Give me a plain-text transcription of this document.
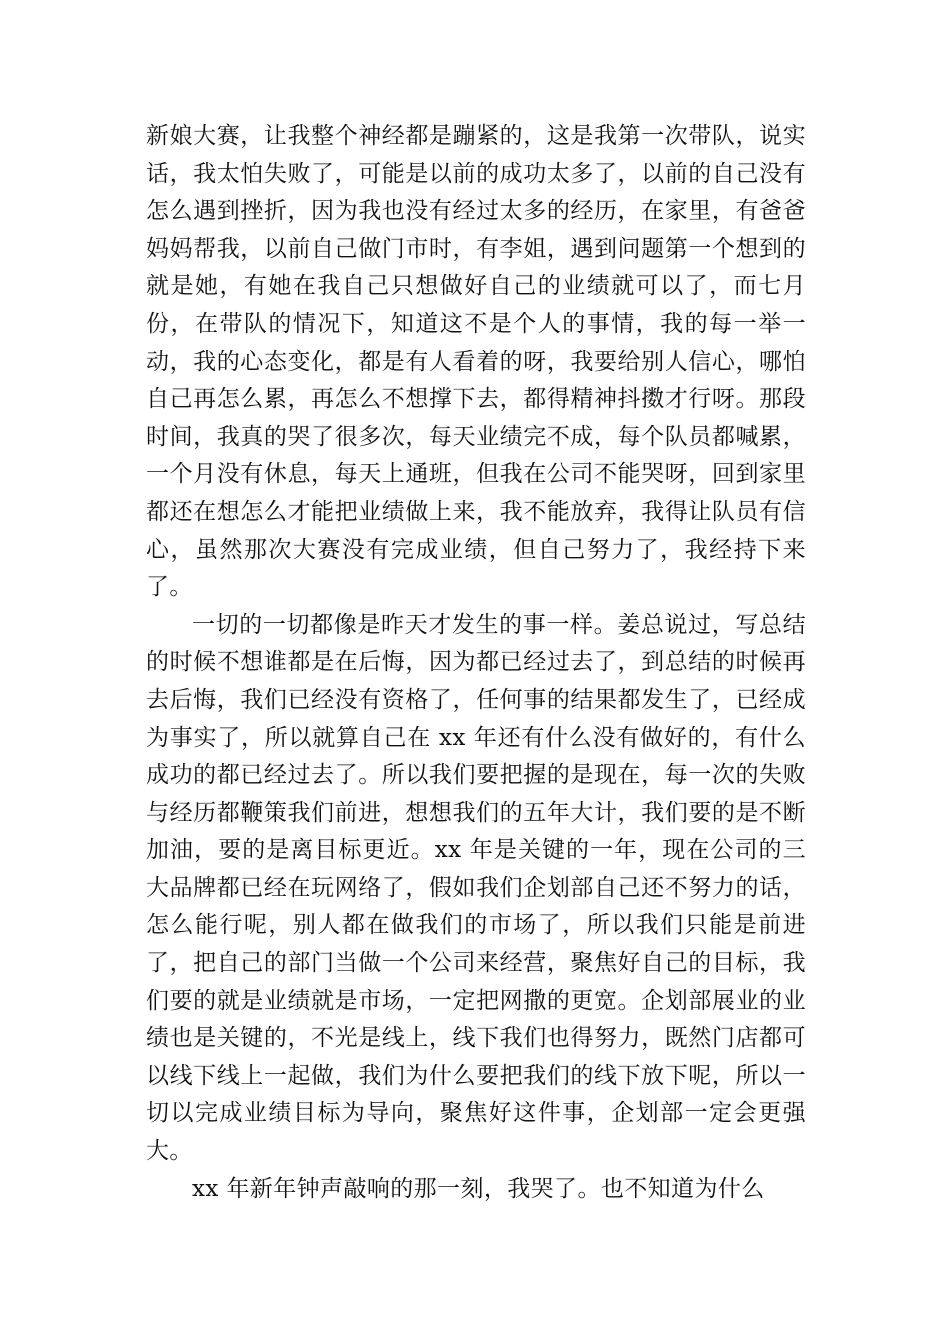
新娘大赛，让我整个神经都是蹦紧的，这是我第一次带队，说实话，我太怕失败了，可能是以前的成功太多了，以前的自己没有怎么遇到挫折，因为我也没有经过太多的经历，在家里，有爸爸妈妈帮我，以前自己做门市时，有李姐，遇到问题第一个想到的就是她，有她在我自己只想做好自己的业绩就可以了，而七月份，在带队的情况下，知道这不是个人的事情，我的每一举一动，我的心态变化，都是有人看着的呀，我要给别人信心，哪怕自己再怎么累，再怎么不想撑下去，都得精神抖擞才行呀。那段时间，我真的哭了很多次，每天业绩完不成，每个队员都喊累，一个月没有休息，每天上通班，但我在公司不能哭呀，回到家里都还在想怎么才能把业绩做上来，我不能放弃，我得让队员有信心，虽然那次大赛没有完成业绩，但自己努力了，我经持下来了。

一切的一切都像是昨天才发生的事一样。姜总说过，写总结的时候不想谁都是在后悔，因为都已经过去了，到总结的时候再去后悔，我们已经没有资格了，任何事的结果都发生了，已经成为事实了，所以就算自己在 xx 年还有什么没有做好的，有什么成功的都已经过去了。所以我们要把握的是现在，每一次的失败与经历都鞭策我们前进，想想我们的五年大计，我们要的是不断加油，要的是离目标更近。xx 年是关键的一年，现在公司的三大品牌都已经在玩网络了，假如我们企划部自己还不努力的话，怎么能行呢，别人都在做我们的市场了，所以我们只能是前进了，把自己的部门当做一个公司来经营，聚焦好自己的目标，我们要的就是业绩就是市场，一定把网撒的更宽。企划部展业的业绩也是关键的，不光是线上，线下我们也得努力，既然门店都可以线下线上一起做，我们为什么要把我们的线下放下呢，所以一切以完成业绩目标为导向，聚焦好这件事，企划部一定会更强大。

xx 年新年钟声敲响的那一刻，我哭了。也不知道为什么
